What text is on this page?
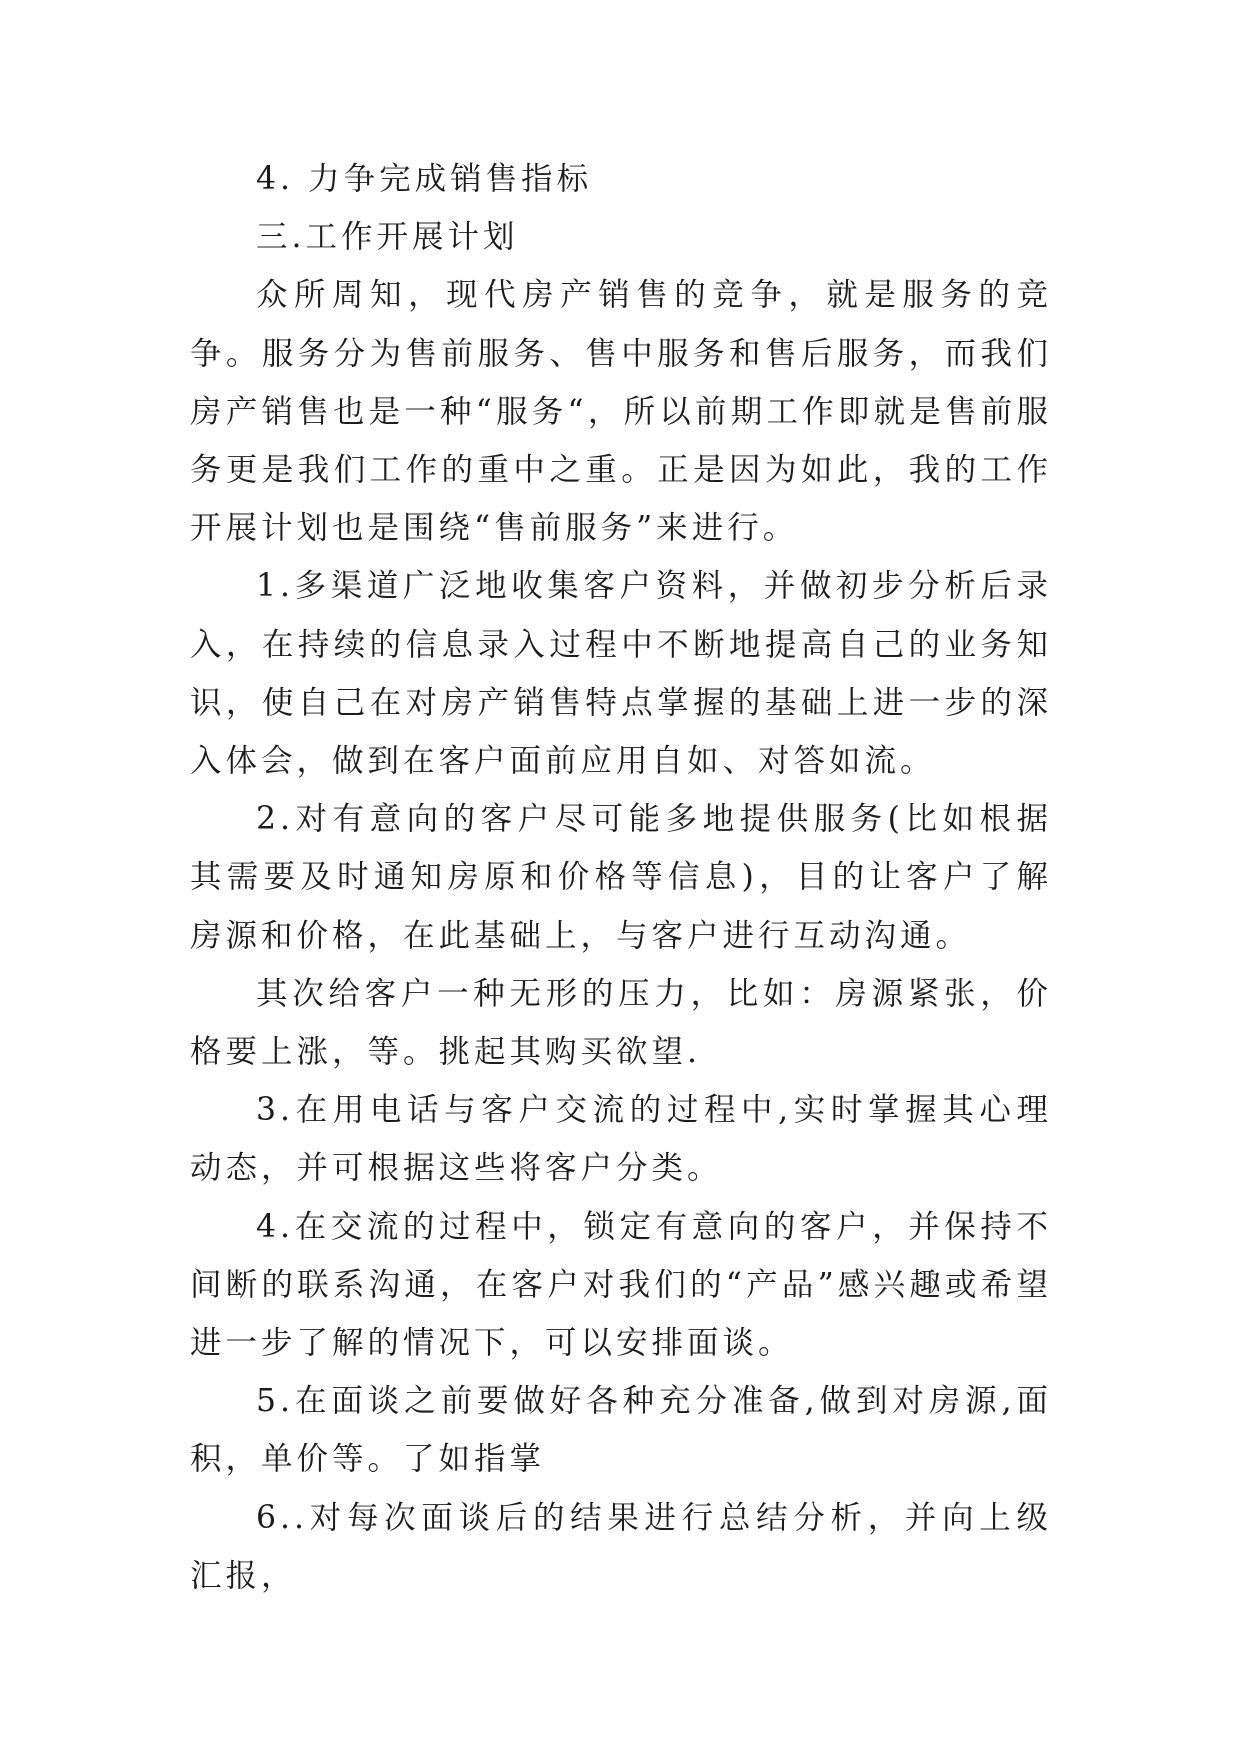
4. 力争完成销售指标

三.工作开展计划

众所周知，现代房产销售的竞争，就是服务的竞争。服务分为售前服务、售中服务和售后服务，而我们房产销售也是一种“服务“，所以前期工作即就是售前服务更是我们工作的重中之重。正是因为如此，我的工作开展计划也是围绕“售前服务”来进行。

1.多渠道广泛地收集客户资料，并做初步分析后录入，在持续的信息录入过程中不断地提高自己的业务知识，使自己在对房产销售特点掌握的基础上进一步的深入体会，做到在客户面前应用自如、对答如流。

2.对有意向的客户尽可能多地提供服务(比如根据其需要及时通知房原和价格等信息)，目的让客户了解房源和价格，在此基础上，与客户进行互动沟通。

其次给客户一种无形的压力，比如：房源紧张，价格要上涨，等。挑起其购买欲望.

3.在用电话与客户交流的过程中,实时掌握其心理动态，并可根据这些将客户分类。

4.在交流的过程中，锁定有意向的客户，并保持不间断的联系沟通，在客户对我们的“产品”感兴趣或希望进一步了解的情况下，可以安排面谈。

5.在面谈之前要做好各种充分准备,做到对房源,面积，单价等。了如指掌

6..对每次面谈后的结果进行总结分析，并向上级汇报，
